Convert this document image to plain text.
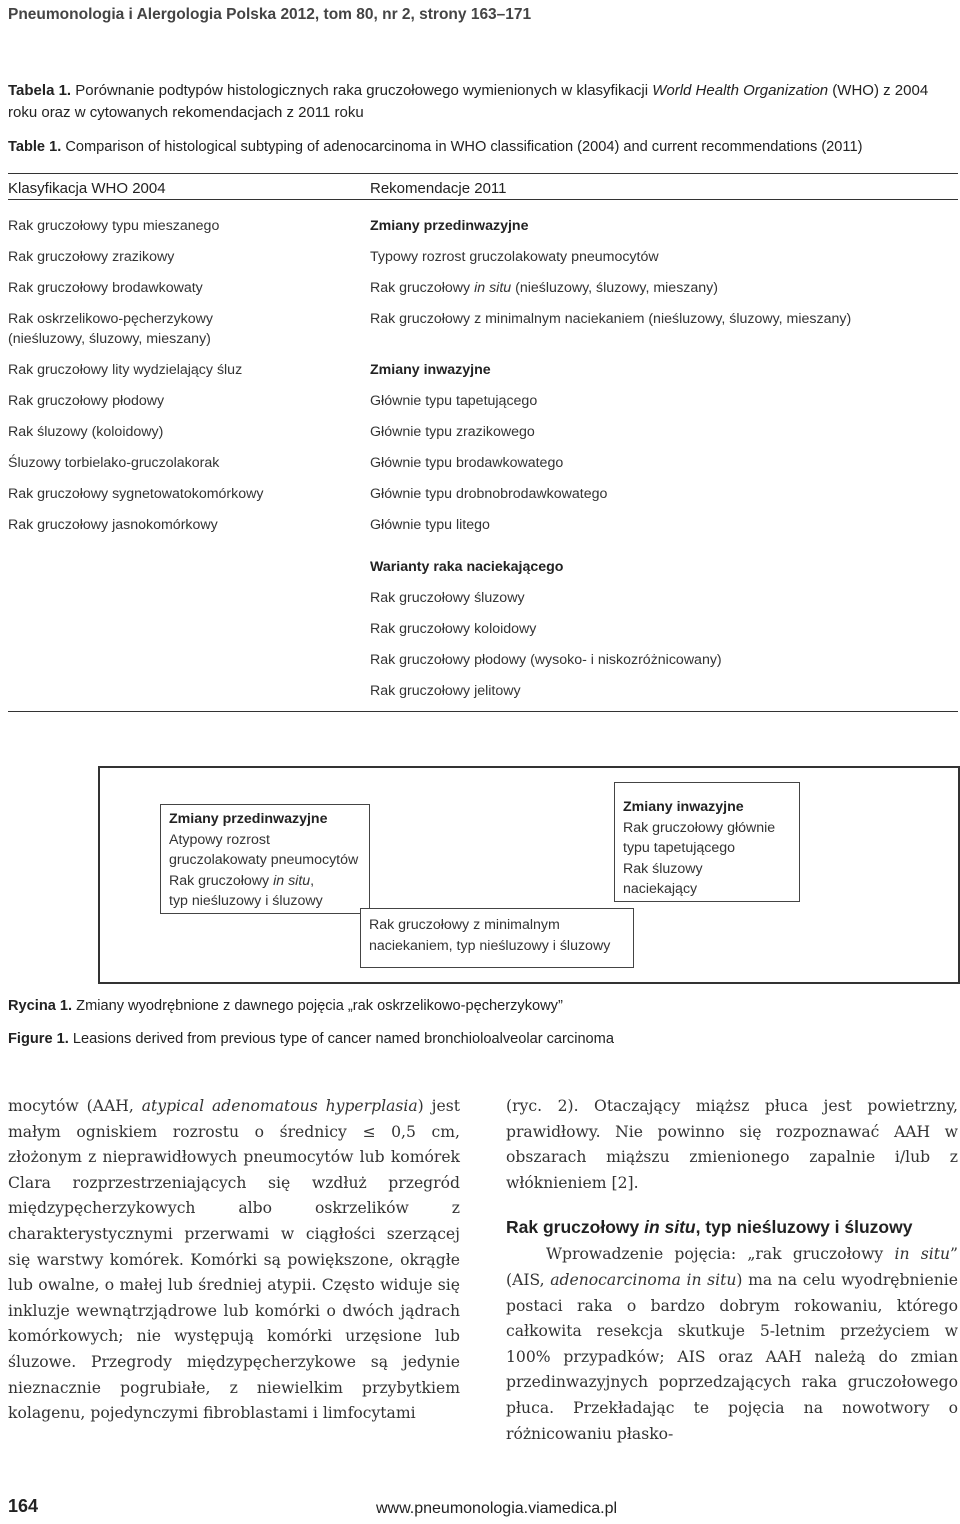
Pneumonologia i Alergologia Polska 2012, tom 80, nr 2, strony 163–171
Tabela 1. Porównanie podtypów histologicznych raka gruczołowego wymienionych w klasyfikacji World Health Organization (WHO) z 2004 roku oraz w cytowanych rekomendacjach z 2011 roku
Table 1. Comparison of histological subtyping of adenocarcinoma in WHO classification (2004) and current recommendations (2011)
Klasyfikacja WHO 2004	Rekomendacje 2011
Rak gruczołowy typu mieszanego
Rak gruczołowy zrazikowy
Rak gruczołowy brodawkowaty
Rak oskrzelikowo-pęcherzykowy (nieśluzowy, śluzowy, mieszany)
Rak gruczołowy lity wydzielający śluz
Rak gruczołowy płodowy
Rak śluzowy (koloidowy)
Śluzowy torbielako-gruczolakorak
Rak gruczołowy sygnetowatokomórkowy
Rak gruczołowy jasnokomórkowy
Zmiany przedinwazyjne
Typowy rozrost gruczolakowaty pneumocytów
Rak gruczołowy in situ (nieśluzowy, śluzowy, mieszany)
Rak gruczołowy z minimalnym naciekaniem (nieśluzowy, śluzowy, mieszany)
Zmiany inwazyjne
Głównie typu tapetującego
Głównie typu zrazikowego
Głównie typu brodawkowatego
Głównie typu drobnobrodawkowatego
Głównie typu litego
Warianty raka naciekającego
Rak gruczołowy śluzowy
Rak gruczołowy koloidowy
Rak gruczołowy płodowy (wysoko- i niskozróżnicowany)
Rak gruczołowy jelitowy
Zmiany przedinwazyjne
Atypowy rozrost
gruczolakowaty pneumocytów
Rak gruczołowy in situ,
typ nieśluzowy i śluzowy
Rak gruczołowy z minimalnym
naciekaniem, typ nieśluzowy i śluzowy
Zmiany inwazyjne
Rak gruczołowy głównie
typu tapetującego
Rak śluzowy
naciekający
Rycina 1. Zmiany wyodrębnione z dawnego pojęcia „rak oskrzelikowo-pęcherzykowy”
Figure 1. Leasions derived from previous type of cancer named bronchioloalveolar carcinoma

mocytów (AAH, atypical adenomatous hyperplasia) jest małym ogniskiem rozrostu o średnicy ≤ 0,5 cm, złożonym z nieprawidłowych pneumocytów lub komórek Clara rozprzestrzeniających się wzdłuż przegród międzypęcherzykowych albo oskrzelików z charakterystycznymi przerwami w ciągłości szerzącej się warstwy komórek. Komórki są powiększone, okrągłe lub owalne, o małej lub średniej atypii. Często widuje się inkluzje wewnątrzjądrowe lub komórki o dwóch jądrach komórkowych; nie występują komórki urzęsione lub śluzowe. Przegrody międzypęcherzykowe są jedynie nieznacznie pogrubiałe, z niewielkim przybytkiem kolagenu, pojedynczymi fibroblastami i limfocytami

(ryc. 2). Otaczający miąższ płuca jest powietrzny, prawidłowy. Nie powinno się rozpoznawać AAH w obszarach miąższu zmienionego zapalnie i/lub z włóknieniem [2].

Rak gruczołowy in situ, typ nieśluzowy i śluzowy

Wprowadzenie pojęcia: „rak gruczołowy in situ” (AIS, adenocarcinoma in situ) ma na celu wyodrębnienie postaci raka o bardzo dobrym rokowaniu, którego całkowita resekcja skutkuje 5-letnim przeżyciem w 100% przypadków; AIS oraz AAH należą do zmian przedinwazyjnych poprzedzających raka gruczołowego płuca. Przekładając te pojęcia na nowotwory o różnicowaniu płasko-

164	www.pneumonologia.viamedica.pl
